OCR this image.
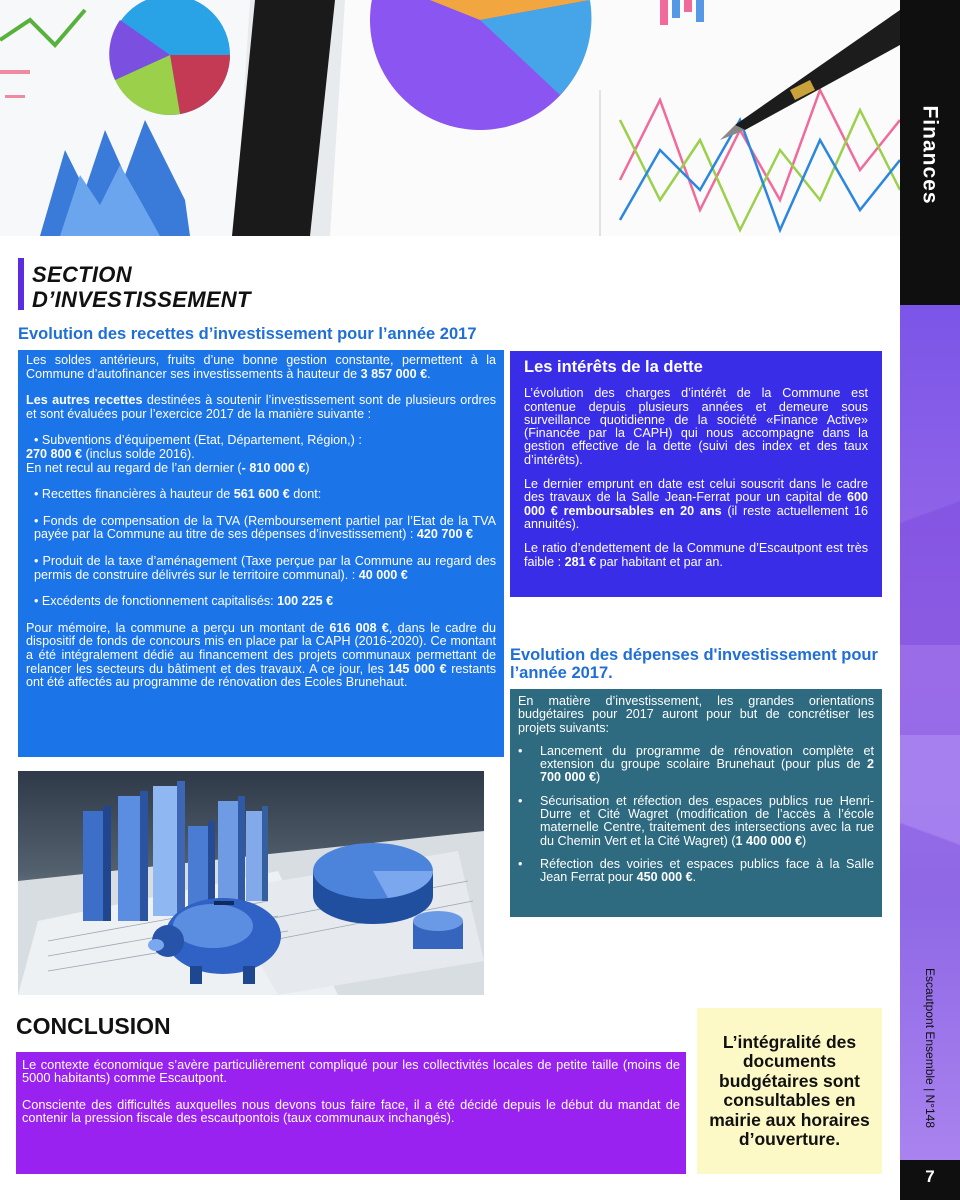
Finances
Escautpont Ensemble | N°148
7
SECTION
D’INVESTISSEMENT
Evolution des recettes d’investissement pour l’année 2017

Les soldes antérieurs, fruits d’une bonne gestion constante, permettent à la Commune d’autofinancer ses investissements à hauteur de 3 857 000 €.

Les autres recettes destinées à soutenir l’investissement sont de plusieurs ordres et sont évaluées pour l’exercice 2017 de la manière suivante :

• Subventions d’équipement (Etat, Département, Région,) :

270 800 € (inclus solde 2016).

En net recul au regard de l’an dernier (- 810 000 €)

• Recettes financières à hauteur de 561 600 € dont:

• Fonds de compensation de la TVA (Remboursement partiel par l’Etat de la TVA payée par la Commune au titre de ses dépenses d’investissement) : 420 700 €

• Produit de la taxe d’aménagement (Taxe perçue par la Commune au regard des permis de construire délivrés sur le territoire communal). : 40 000 €

• Excédents de fonctionnement capitalisés: 100 225 €

Pour mémoire, la commune a perçu un montant de 616 008 €, dans le cadre du dispositif de fonds de concours mis en place par la CAPH (2016-2020). Ce montant a été intégralement dédié au financement des projets communaux permettant de relancer les secteurs du bâtiment et des travaux. A ce jour, les 145 000 € restants ont été affectés au programme de rénovation des Ecoles Brunehaut.

Les intérêts de la dette

L’évolution des charges d’intérêt de la Commune est contenue depuis plusieurs années et demeure sous surveillance quotidienne de la société «Finance Active» (Financée par la CAPH) qui nous accompagne dans la gestion effective de la dette (suivi des index et des taux d’intérêts).

Le dernier emprunt en date est celui souscrit dans le cadre des travaux de la Salle Jean-Ferrat pour un capital de 600 000 € remboursables en 20 ans (il reste actuellement 16 annuités).

Le ratio d’endettement de la Commune d’Escautpont est très faible : 281 € par habitant et par an.

Evolution des dépenses d'investissement pour l’année 2017.

En matière d’investissement, les grandes orientations budgétaires pour 2017 auront pour but de concrétiser les projets suivants:

• Lancement du programme de rénovation complète et extension du groupe scolaire Brunehaut (pour plus de 2 700 000 €)
• Sécurisation et réfection des espaces publics rue Henri-Durre et Cité Wagret (modification de l’accès à l’école maternelle Centre, traitement des intersections avec la rue du Chemin Vert et la Cité Wagret) (1 400 000 €)
• Réfection des voiries et espaces publics face à la Salle Jean Ferrat pour 450 000 €.
CONCLUSION

Le contexte économique s’avère particulièrement compliqué pour les collectivités locales de petite taille (moins de 5000 habitants) comme Escautpont.

Consciente des difficultés auxquelles nous devons tous faire face, il a été décidé depuis le début du mandat de contenir la pression fiscale des escautpontois (taux communaux inchangés).

L’intégralité des documents budgétaires sont consultables en mairie aux horaires d’ouverture.
